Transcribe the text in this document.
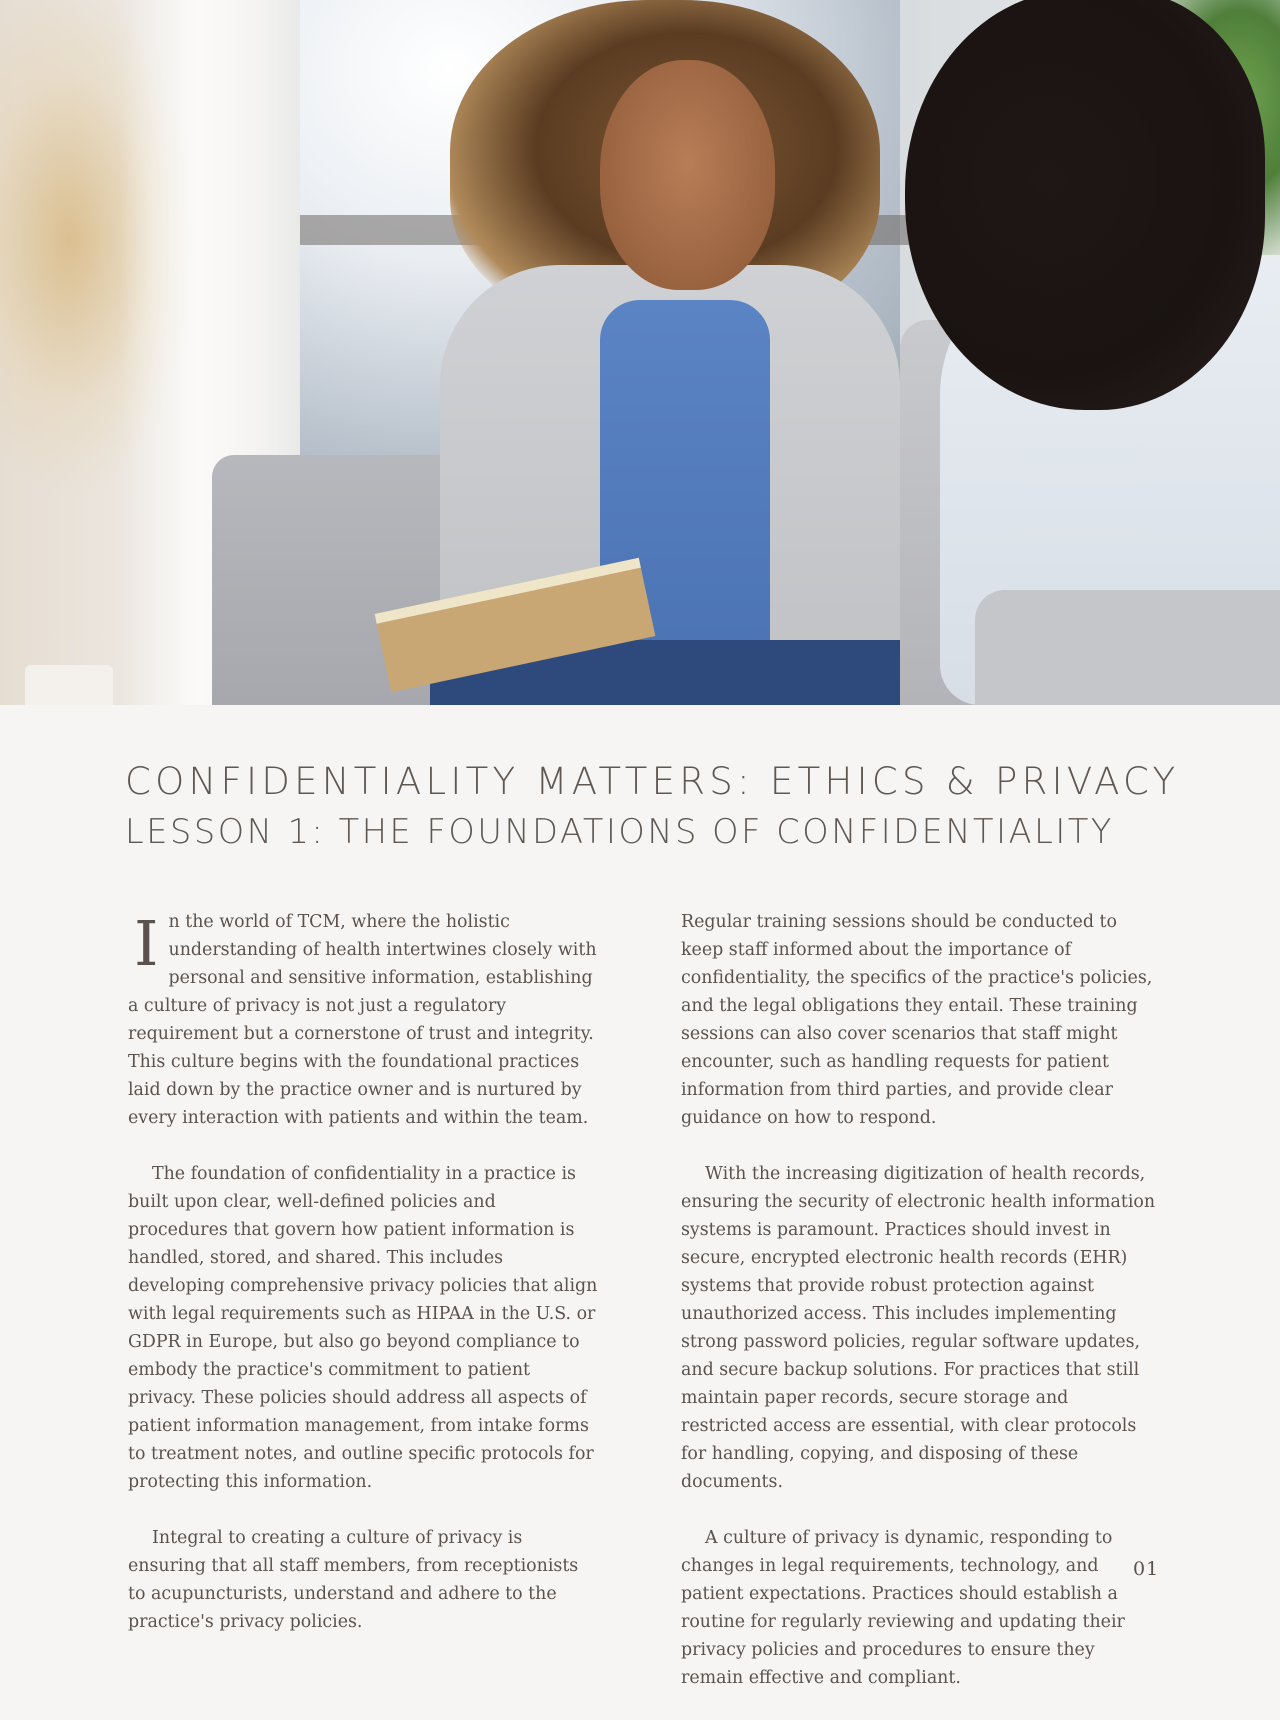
CONFIDENTIALITY MATTERS: ETHICS & PRIVACY
LESSON 1: THE FOUNDATIONS OF CONFIDENTIALITY

In the world of TCM, where the holistic understanding of health intertwines closely with personal and sensitive information, establishing a culture of privacy is not just a regulatory requirement but a cornerstone of trust and integrity. This culture begins with the foundational practices laid down by the practice owner and is nurtured by every interaction with patients and within the team.

The foundation of confidentiality in a practice is built upon clear, well-defined policies and procedures that govern how patient information is handled, stored, and shared. This includes developing comprehensive privacy policies that align with legal requirements such as HIPAA in the U.S. or GDPR in Europe, but also go beyond compliance to embody the practice's commitment to patient privacy. These policies should address all aspects of patient information management, from intake forms to treatment notes, and outline specific protocols for protecting this information.

Integral to creating a culture of privacy is ensuring that all staff members, from receptionists to acupuncturists, understand and adhere to the practice's privacy policies.

Regular training sessions should be conducted to keep staff informed about the importance of confidentiality, the specifics of the practice's policies, and the legal obligations they entail. These training sessions can also cover scenarios that staff might encounter, such as handling requests for patient information from third parties, and provide clear guidance on how to respond.

With the increasing digitization of health records, ensuring the security of electronic health information systems is paramount. Practices should invest in secure, encrypted electronic health records (EHR) systems that provide robust protection against unauthorized access. This includes implementing strong password policies, regular software updates, and secure backup solutions. For practices that still maintain paper records, secure storage and restricted access are essential, with clear protocols for handling, copying, and disposing of these documents.

A culture of privacy is dynamic, responding to changes in legal requirements, technology, and patient expectations. Practices should establish a routine for regularly reviewing and updating their privacy policies and procedures to ensure they remain effective and compliant.

01
